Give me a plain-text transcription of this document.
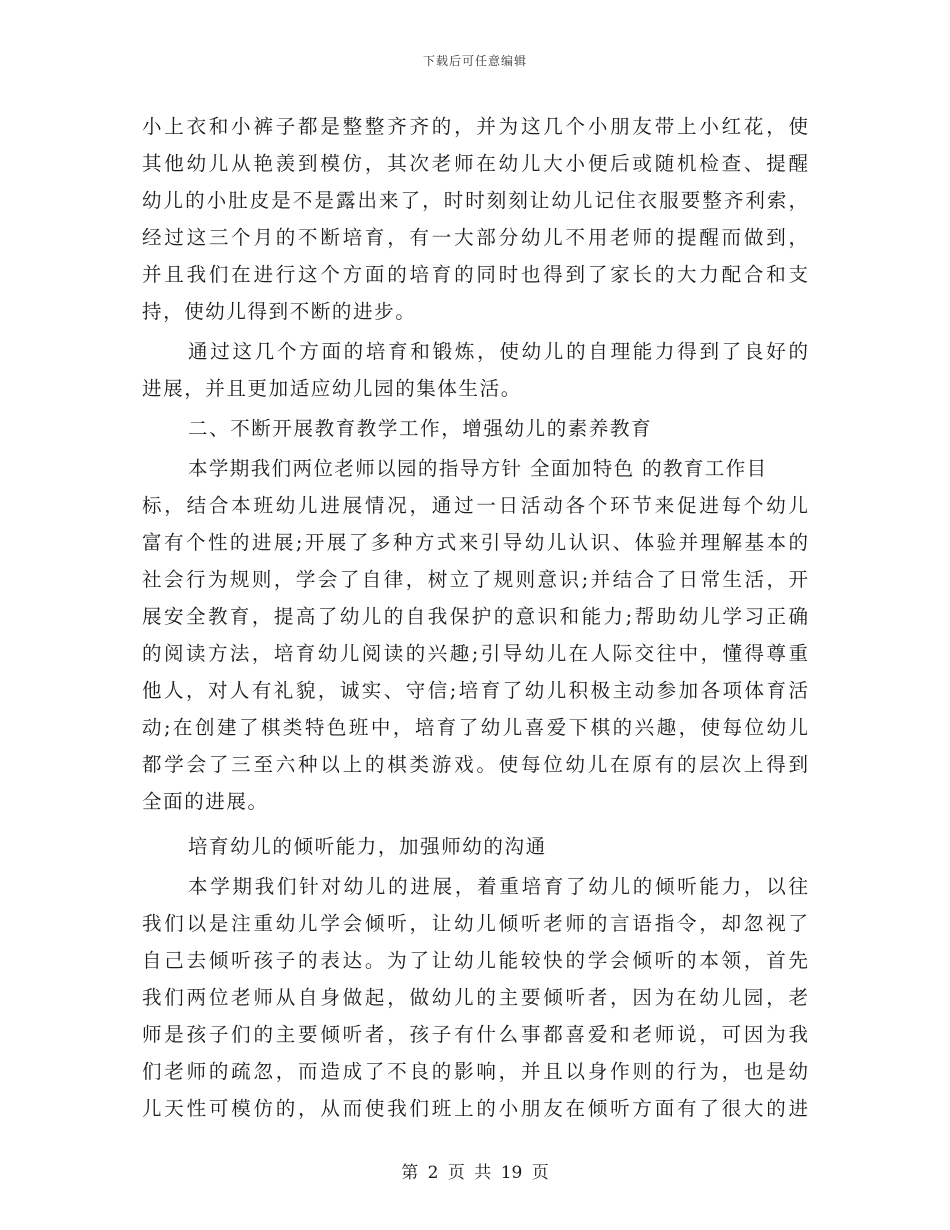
下载后可任意编辑
小上衣和小裤子都是整整齐齐的，并为这几个小朋友带上小红花，使
其他幼儿从艳羡到模仿，其次老师在幼儿大小便后或随机检查、提醒
幼儿的小肚皮是不是露出来了，时时刻刻让幼儿记住衣服要整齐利索，
经过这三个月的不断培育，有一大部分幼儿不用老师的提醒而做到，
并且我们在进行这个方面的培育的同时也得到了家长的大力配合和支
持，使幼儿得到不断的进步。
通过这几个方面的培育和锻炼，使幼儿的自理能力得到了良好的
进展，并且更加适应幼儿园的集体生活。
二、不断开展教育教学工作，增强幼儿的素养教育
本学期我们两位老师以园的指导方针 全面加特色 的教育工作目
标，结合本班幼儿进展情况，通过一日活动各个环节来促进每个幼儿
富有个性的进展;开展了多种方式来引导幼儿认识、体验并理解基本的
社会行为规则，学会了自律，树立了规则意识;并结合了日常生活，开
展安全教育，提高了幼儿的自我保护的意识和能力;帮助幼儿学习正确
的阅读方法，培育幼儿阅读的兴趣;引导幼儿在人际交往中，懂得尊重
他人，对人有礼貌，诚实、守信;培育了幼儿积极主动参加各项体育活
动;在创建了棋类特色班中，培育了幼儿喜爱下棋的兴趣，使每位幼儿
都学会了三至六种以上的棋类游戏。使每位幼儿在原有的层次上得到
全面的进展。
培育幼儿的倾听能力，加强师幼的沟通
本学期我们针对幼儿的进展，着重培育了幼儿的倾听能力，以往
我们以是注重幼儿学会倾听，让幼儿倾听老师的言语指令，却忽视了
自己去倾听孩子的表达。为了让幼儿能较快的学会倾听的本领，首先
我们两位老师从自身做起，做幼儿的主要倾听者，因为在幼儿园，老
师是孩子们的主要倾听者，孩子有什么事都喜爱和老师说，可因为我
们老师的疏忽，而造成了不良的影响，并且以身作则的行为，也是幼
儿天性可模仿的，从而使我们班上的小朋友在倾听方面有了很大的进
第 2 页 共 19 页
